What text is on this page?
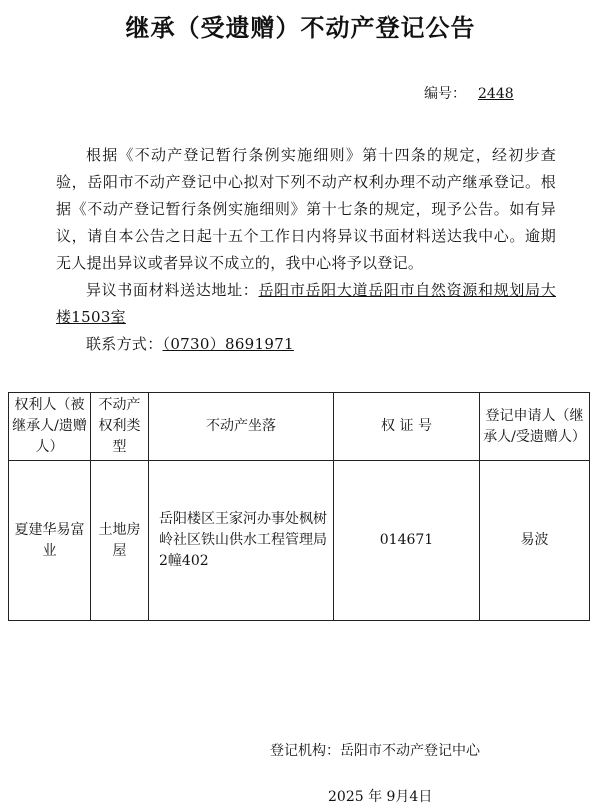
继承（受遗赠）不动产登记公告
编号： 2448

根据《不动产登记暂行条例实施细则》第十四条的规定，经初步查验，岳阳市不动产登记中心拟对下列不动产权利办理不动产继承登记。根据《不动产登记暂行条例实施细则》第十七条的规定，现予公告。如有异议，请自本公告之日起十五个工作日内将异议书面材料送达我中心。逾期无人提出异议或者异议不成立的，我中心将予以登记。

异议书面材料送达地址：岳阳市岳阳大道岳阳市自然资源和规划局大楼1503室

联系方式：（0730）8691971

权利人（被继承人/遗赠人）	不动产权利类型	不动产坐落	权 证 号	登记申请人（继承人/受遗赠人）
夏建华易富业	土地房屋	岳阳楼区王家河办事处枫树岭社区铁山供水工程管理局2幢402	014671	易波
登记机构：岳阳市不动产登记中心
2025 年 9月4日
